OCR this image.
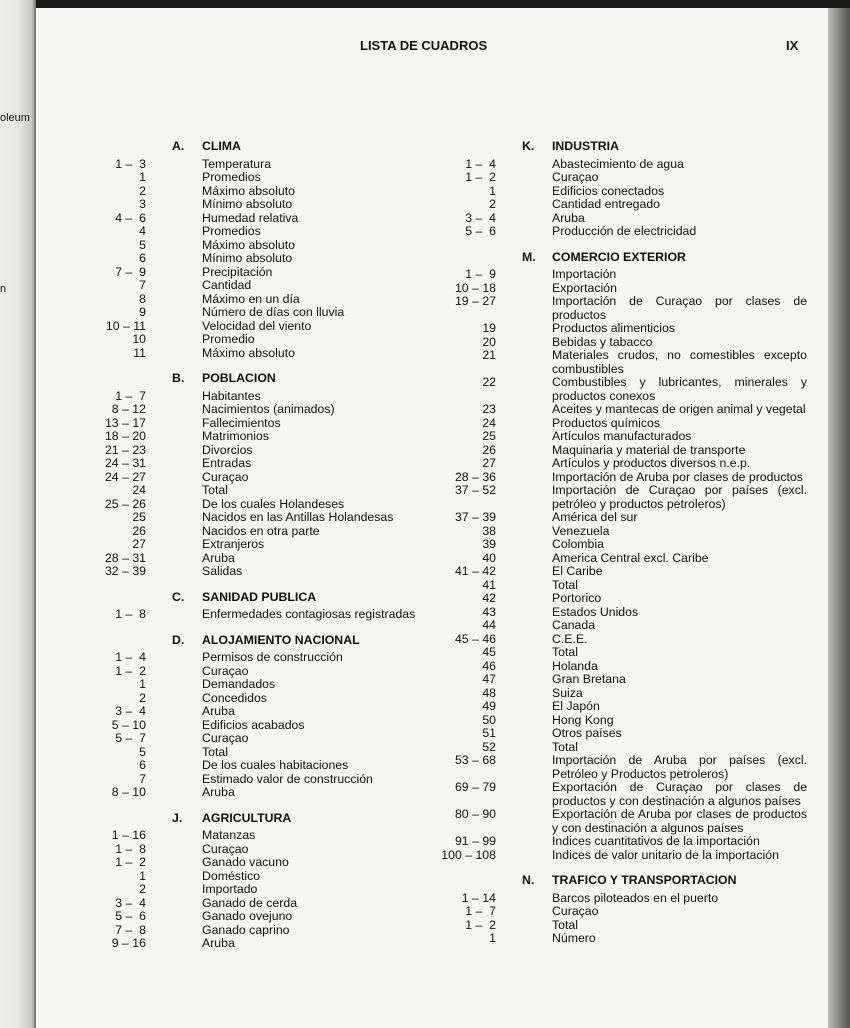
oleum
n
LISTA DE CUADROS	IX
A.	CLIMA
1 –  3	Temperatura
1	Promedios
2	Máximo absoluto
3	Mínimo absoluto
4 –  6	Humedad relativa
4	Promedios
5	Máximo absoluto
6	Mínimo absoluto
7 –  9	Precipitación
7	Cantidad
8	Máximo en un día
9	Número de días con lluvia
10 – 11	Velocidad del viento
10	Promedio
11	Máximo absoluto
B.	POBLACION
1 –  7	Habitantes
8 – 12	Nacimientos (animados)
13 – 17	Fallecimientos
18 – 20	Matrimonios
21 – 23	Divorcios
24 – 31	Entradas
24 – 27	Curaçao
24	Total
25 – 26	De los cuales Holandeses
25	Nacidos en las Antillas Holandesas
26	Nacidos en otra parte
27	Extranjeros
28 – 31	Aruba
32 – 39	Salidas
C.	SANIDAD PUBLICA
1 –  8	Enfermedades contagiosas registradas
D.	ALOJAMIENTO NACIONAL
1 –  4	Permisos de construcción
1 –  2	Curaçao
1	Demandados
2	Concedidos
3 –  4	Aruba
5 – 10	Edificios acabados
5 –  7	Curaçao
5	Total
6	De los cuales habitaciones
7	Estimado valor de construcción
8 – 10	Aruba
J.	AGRICULTURA
1 – 16	Matanzas
1 –  8	Curaçao
1 –  2	Ganado vacuno
1	Doméstico
2	Importado
3 –  4	Ganado de cerda
5 –  6	Ganado ovejuno
7 –  8	Ganado caprino
9 – 16	Aruba
K.	INDUSTRIA
1 –  4	Abastecimiento de agua
1 –  2	Curaçao
1	Edificios conectados
2	Cantidad entregado
3 –  4	Aruba
5 –  6	Producción de electricidad
M.	COMERCIO EXTERIOR
1 –  9	Importación
10 – 18	Exportación
19 – 27	Importación de Curaçao por clases de productos
19	Productos alimenticios
20	Bebidas y tabacco
21	Materiales crudos, no comestibles excepto combustibles
22	Combustibles y lubricantes, minerales y productos conexos
23	Aceites y mantecas de origen animal y vegetal
24	Productos químicos
25	Artículos manufacturados
26	Maquinaria y material de transporte
27	Artículos y productos diversos n.e.p.
28 – 36	Importación de Aruba por clases de productos
37 – 52	Importación de Curaçao por países (excl. petróleo y productos petroleros)
37 – 39	América del sur
38	Venezuela
39	Colombia
40	America Central excl. Caribe
41 – 42	El Caribe
41	Total
42	Portorico
43	Estados Unidos
44	Canada
45 – 46	C.E.E.
45	Total
46	Holanda
47	Gran Bretana
48	Suiza
49	El Japón
50	Hong Kong
51	Otros países
52	Total
53 – 68	Importación de Aruba por países (excl. Petróleo y Productos petroleros)
69 – 79	Exportación de Curaçao por clases de productos y con destinación a algunos países
80 – 90	Exportación de Aruba por clases de productos y con destinación a algunos países
91 – 99	Indices cuantitativos de la importación
100 – 108	Indices de valor unitario de la importación
N.	TRAFICO Y TRANSPORTACION
1 – 14	Barcos piloteados en el puerto
1 –  7	Curaçao
1 –  2	Total
1	Número
